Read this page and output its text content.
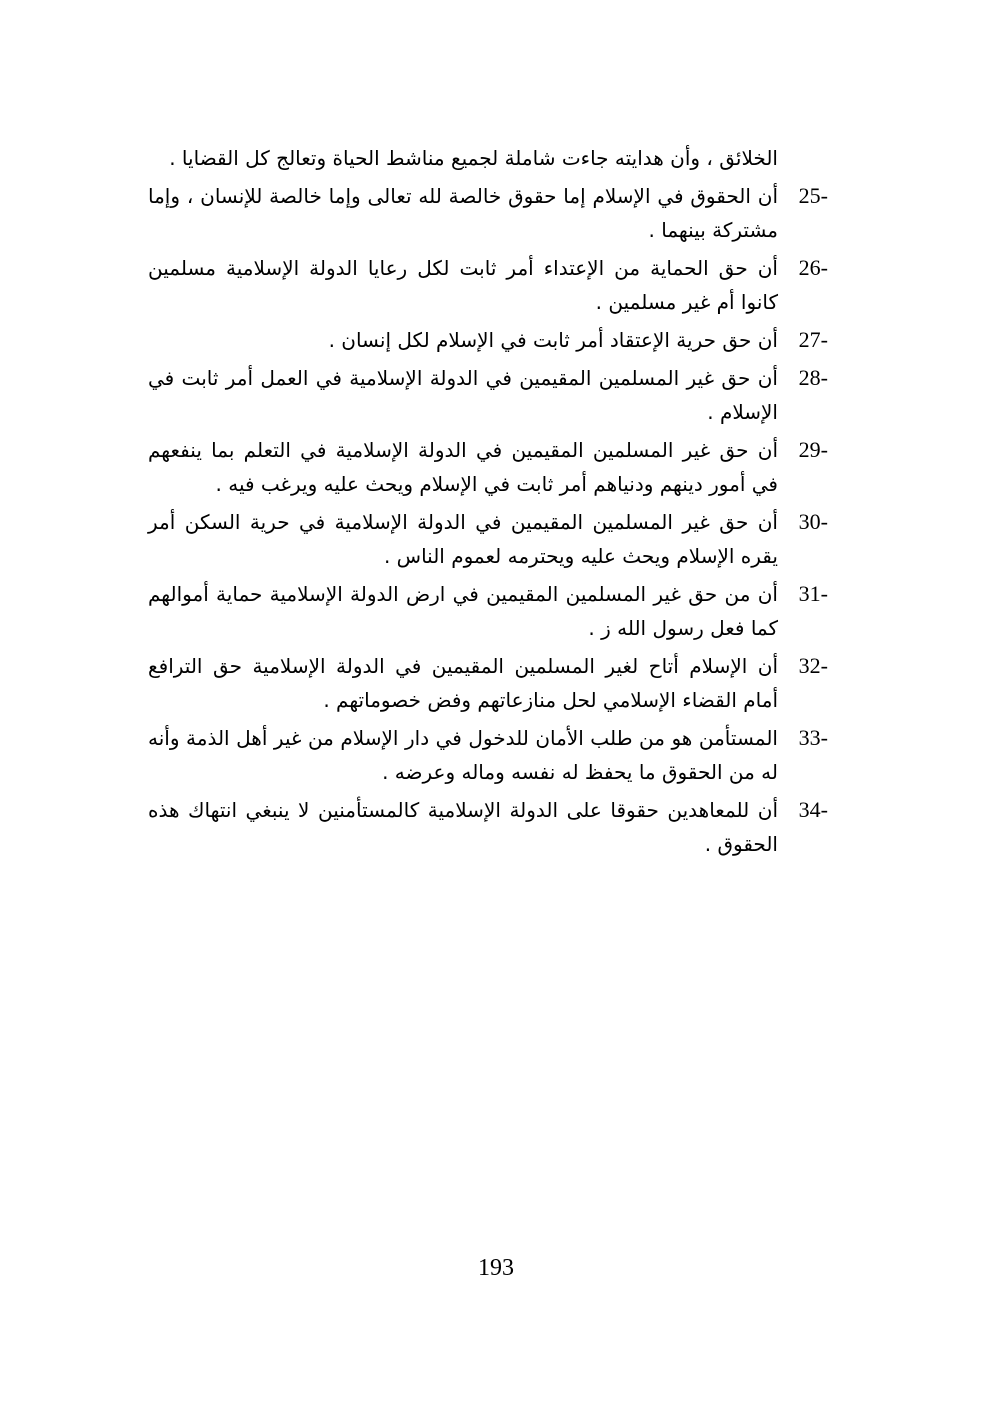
الخلائق ، وأن هدايته جاءت شاملة لجميع مناشط الحياة وتعالج كل القضايا .

25-
أن الحقوق في الإسلام إما حقوق خالصة لله تعالى وإما خالصة للإنسان ، وإما مشتركة بينهما .
26-
أن حق الحماية من الإعتداء أمر ثابت لكل رعايا الدولة الإسلامية مسلمين كانوا أم غير مسلمين .
27-
أن حق حرية الإعتقاد أمر ثابت في الإسلام لكل إنسان .
28-
أن حق غير المسلمين المقيمين في الدولة الإسلامية في العمل أمر ثابت في الإسلام .
29-
أن حق غير المسلمين المقيمين في الدولة الإسلامية في التعلم بما ينفعهم في أمور دينهم ودنياهم أمر ثابت في الإسلام ويحث عليه ويرغب فيه .
30-
أن حق غير المسلمين المقيمين في الدولة الإسلامية في حرية السكن أمر يقره الإسلام ويحث عليه ويحترمه لعموم الناس .
31-
أن من حق غير المسلمين المقيمين في ارض الدولة الإسلامية حماية أموالهم كما فعل رسول الله ز .
32-
أن الإسلام أتاح لغير المسلمين المقيمين في الدولة الإسلامية حق الترافع أمام القضاء الإسلامي لحل منازعاتهم وفض خصوماتهم .
33-
المستأمن هو من طلب الأمان للدخول في دار الإسلام من غير أهل الذمة وأنه له من الحقوق ما يحفظ له نفسه وماله وعرضه .
34-
أن للمعاهدين حقوقا على الدولة الإسلامية كالمستأمنين لا ينبغي انتهاك هذه الحقوق .
193
